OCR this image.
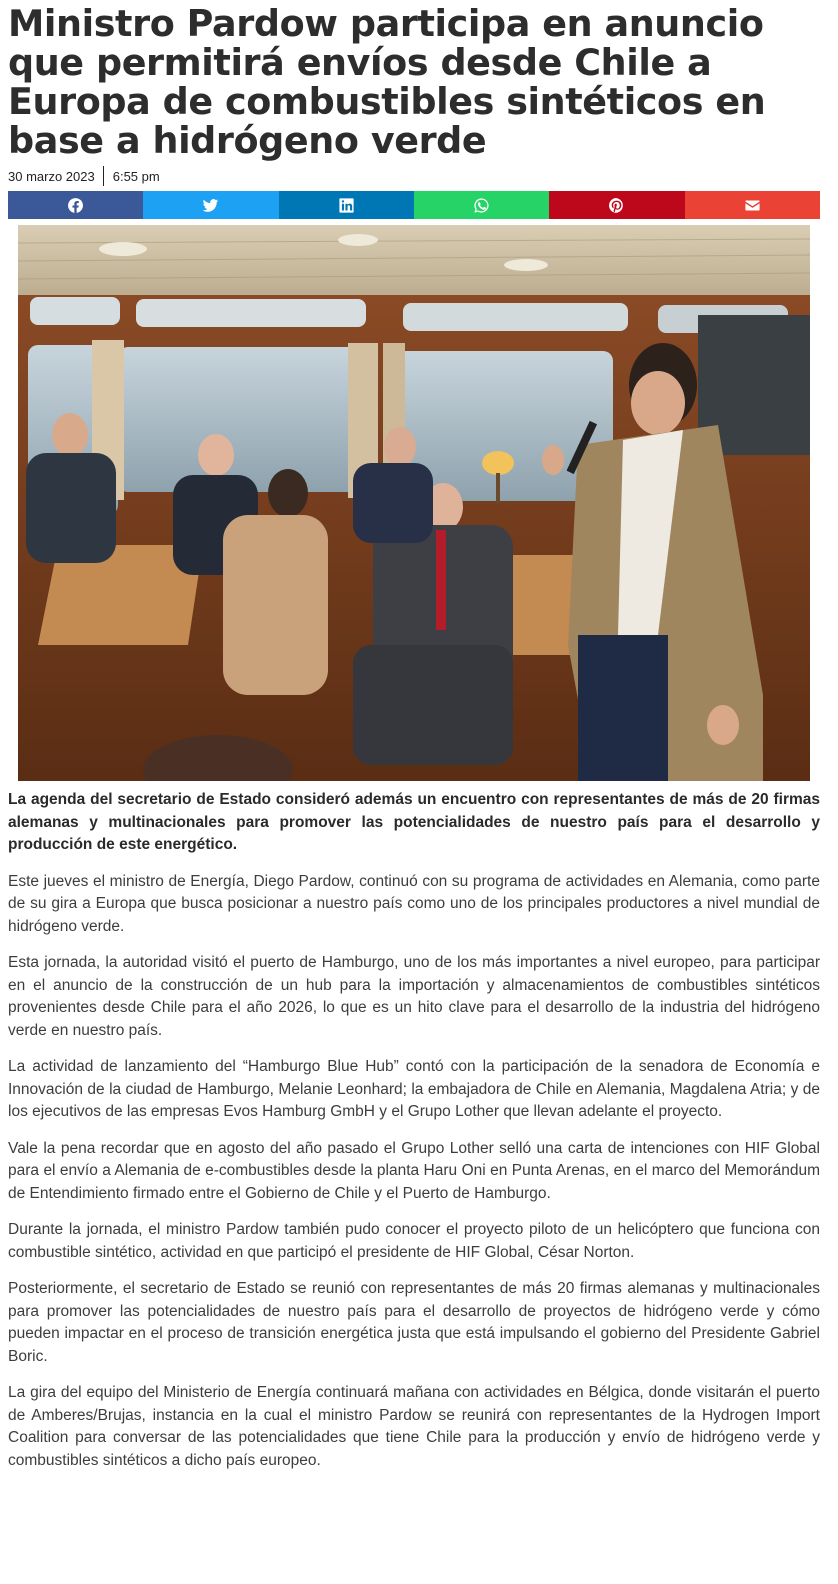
Ministro Pardow participa en anuncio que permitirá envíos desde Chile a Europa de combustibles sintéticos en base a hidrógeno verde
30 marzo 2023	6:55 pm

La agenda del secretario de Estado consideró además un encuentro con representantes de más de 20 firmas alemanas y multinacionales para promover las potencialidades de nuestro país para el desarrollo y producción de este energético.

Este jueves el ministro de Energía, Diego Pardow, continuó con su programa de actividades en Alemania, como parte de su gira a Europa que busca posicionar a nuestro país como uno de los principales productores a nivel mundial de hidrógeno verde.

Esta jornada, la autoridad visitó el puerto de Hamburgo, uno de los más importantes a nivel europeo, para participar en el anuncio de la construcción de un hub para la importación y almacenamientos de combustibles sintéticos provenientes desde Chile para el año 2026, lo que es un hito clave para el desarrollo de la industria del hidrógeno verde en nuestro país.

La actividad de lanzamiento del “Hamburgo Blue Hub” contó con la participación de la senadora de Economía e Innovación de la ciudad de Hamburgo, Melanie Leonhard; la embajadora de Chile en Alemania, Magdalena Atria; y de los ejecutivos de las empresas Evos Hamburg GmbH y el Grupo Lother que llevan adelante el proyecto.

Vale la pena recordar que en agosto del año pasado el Grupo Lother selló una carta de intenciones con HIF Global para el envío a Alemania de e-combustibles desde la planta Haru Oni en Punta Arenas, en el marco del Memorándum de Entendimiento firmado entre el Gobierno de Chile y el Puerto de Hamburgo.

Durante la jornada, el ministro Pardow también pudo conocer el proyecto piloto de un helicóptero que funciona con combustible sintético, actividad en que participó el presidente de HIF Global, César Norton.

Posteriormente, el secretario de Estado se reunió con representantes de más 20 firmas alemanas y multinacionales para promover las potencialidades de nuestro país para el desarrollo de proyectos de hidrógeno verde y cómo pueden impactar en el proceso de transición energética justa que está impulsando el gobierno del Presidente Gabriel Boric.

La gira del equipo del Ministerio de Energía continuará mañana con actividades en Bélgica, donde visitarán el puerto de Amberes/Brujas, instancia en la cual el ministro Pardow se reunirá con representantes de la Hydrogen Import Coalition para conversar de las potencialidades que tiene Chile para la producción y envío de hidrógeno verde y combustibles sintéticos a dicho país europeo.
